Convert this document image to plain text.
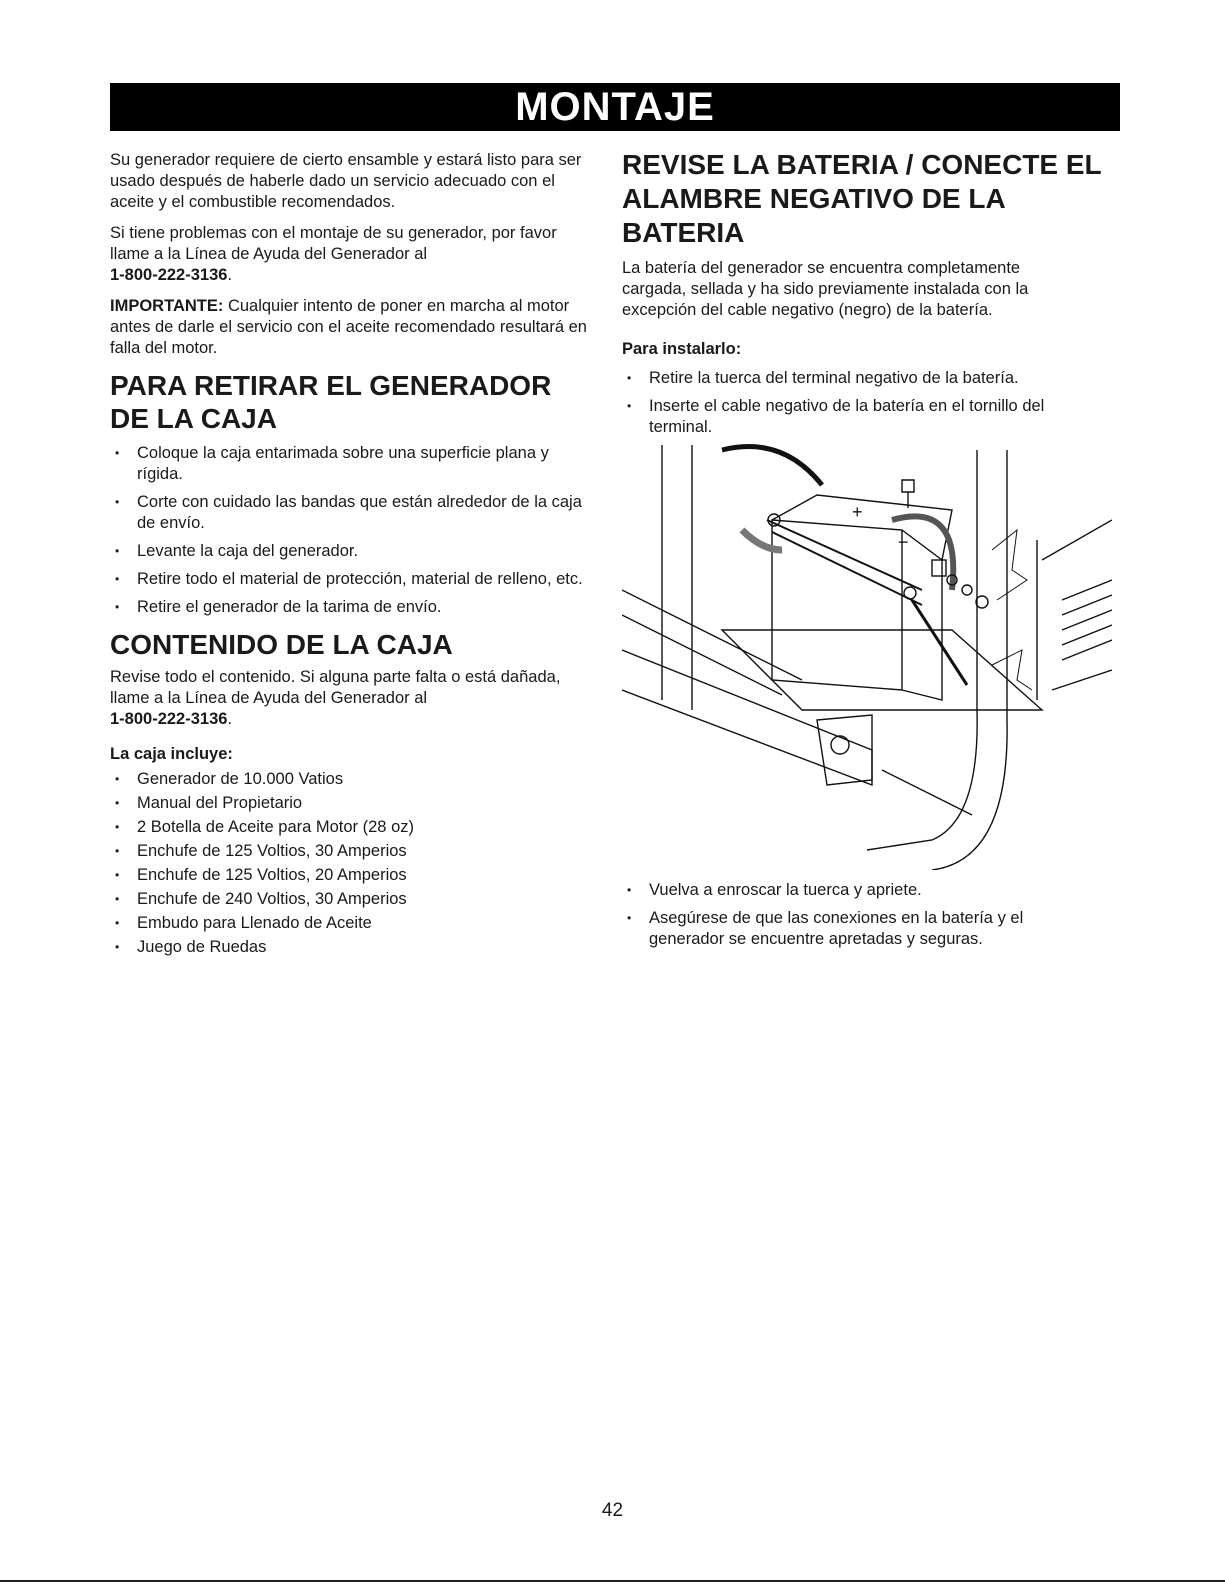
MONTAJE

Su generador requiere de cierto ensamble y estará listo para ser usado después de haberle dado un servicio adecuado con el aceite y el combustible recomendados.

Si tiene problemas con el montaje de su generador, por favor llame a la Línea de Ayuda del Generador al
1-800-222-3136.

IMPORTANTE: Cualquier intento de poner en marcha al motor antes de darle el servicio con el aceite recomendado resultará en falla del motor.

PARA RETIRAR EL GENERADOR DE LA CAJA
• Coloque la caja entarimada sobre una superficie plana y rígida.
• Corte con cuidado las bandas que están alrededor de la caja de envío.
• Levante la caja del generador.
• Retire todo el material de protección, material de relleno, etc.
• Retire el generador de la tarima de envío.
CONTENIDO DE LA CAJA

Revise todo el contenido. Si alguna parte falta o está dañada, llame a la Línea de Ayuda del Generador al
1-800-222-3136.

La caja incluye:
• Generador de 10.000 Vatios
• Manual del Propietario
• 2 Botella de Aceite para Motor (28 oz)
• Enchufe de 125 Voltios, 30 Amperios
• Enchufe de 125 Voltios, 20 Amperios
• Enchufe de 240 Voltios, 30 Amperios
• Embudo para Llenado de Aceite
• Juego de Ruedas
REVISE LA BATERIA / CONECTE EL ALAMBRE NEGATIVO DE LA BATERIA

La batería del generador se encuentra completamente cargada, sellada y ha sido previamente instalada con la excepción del cable negativo (negro) de la batería.

Para instalarlo:
• Retire la tuerca del terminal negativo de la batería.
• Inserte el cable negativo de la batería en el tornillo del terminal.
+
−
• Vuelva a enroscar la tuerca y apriete.
• Asegúrese de que las conexiones en la batería y el generador se encuentre apretadas y seguras.
42
